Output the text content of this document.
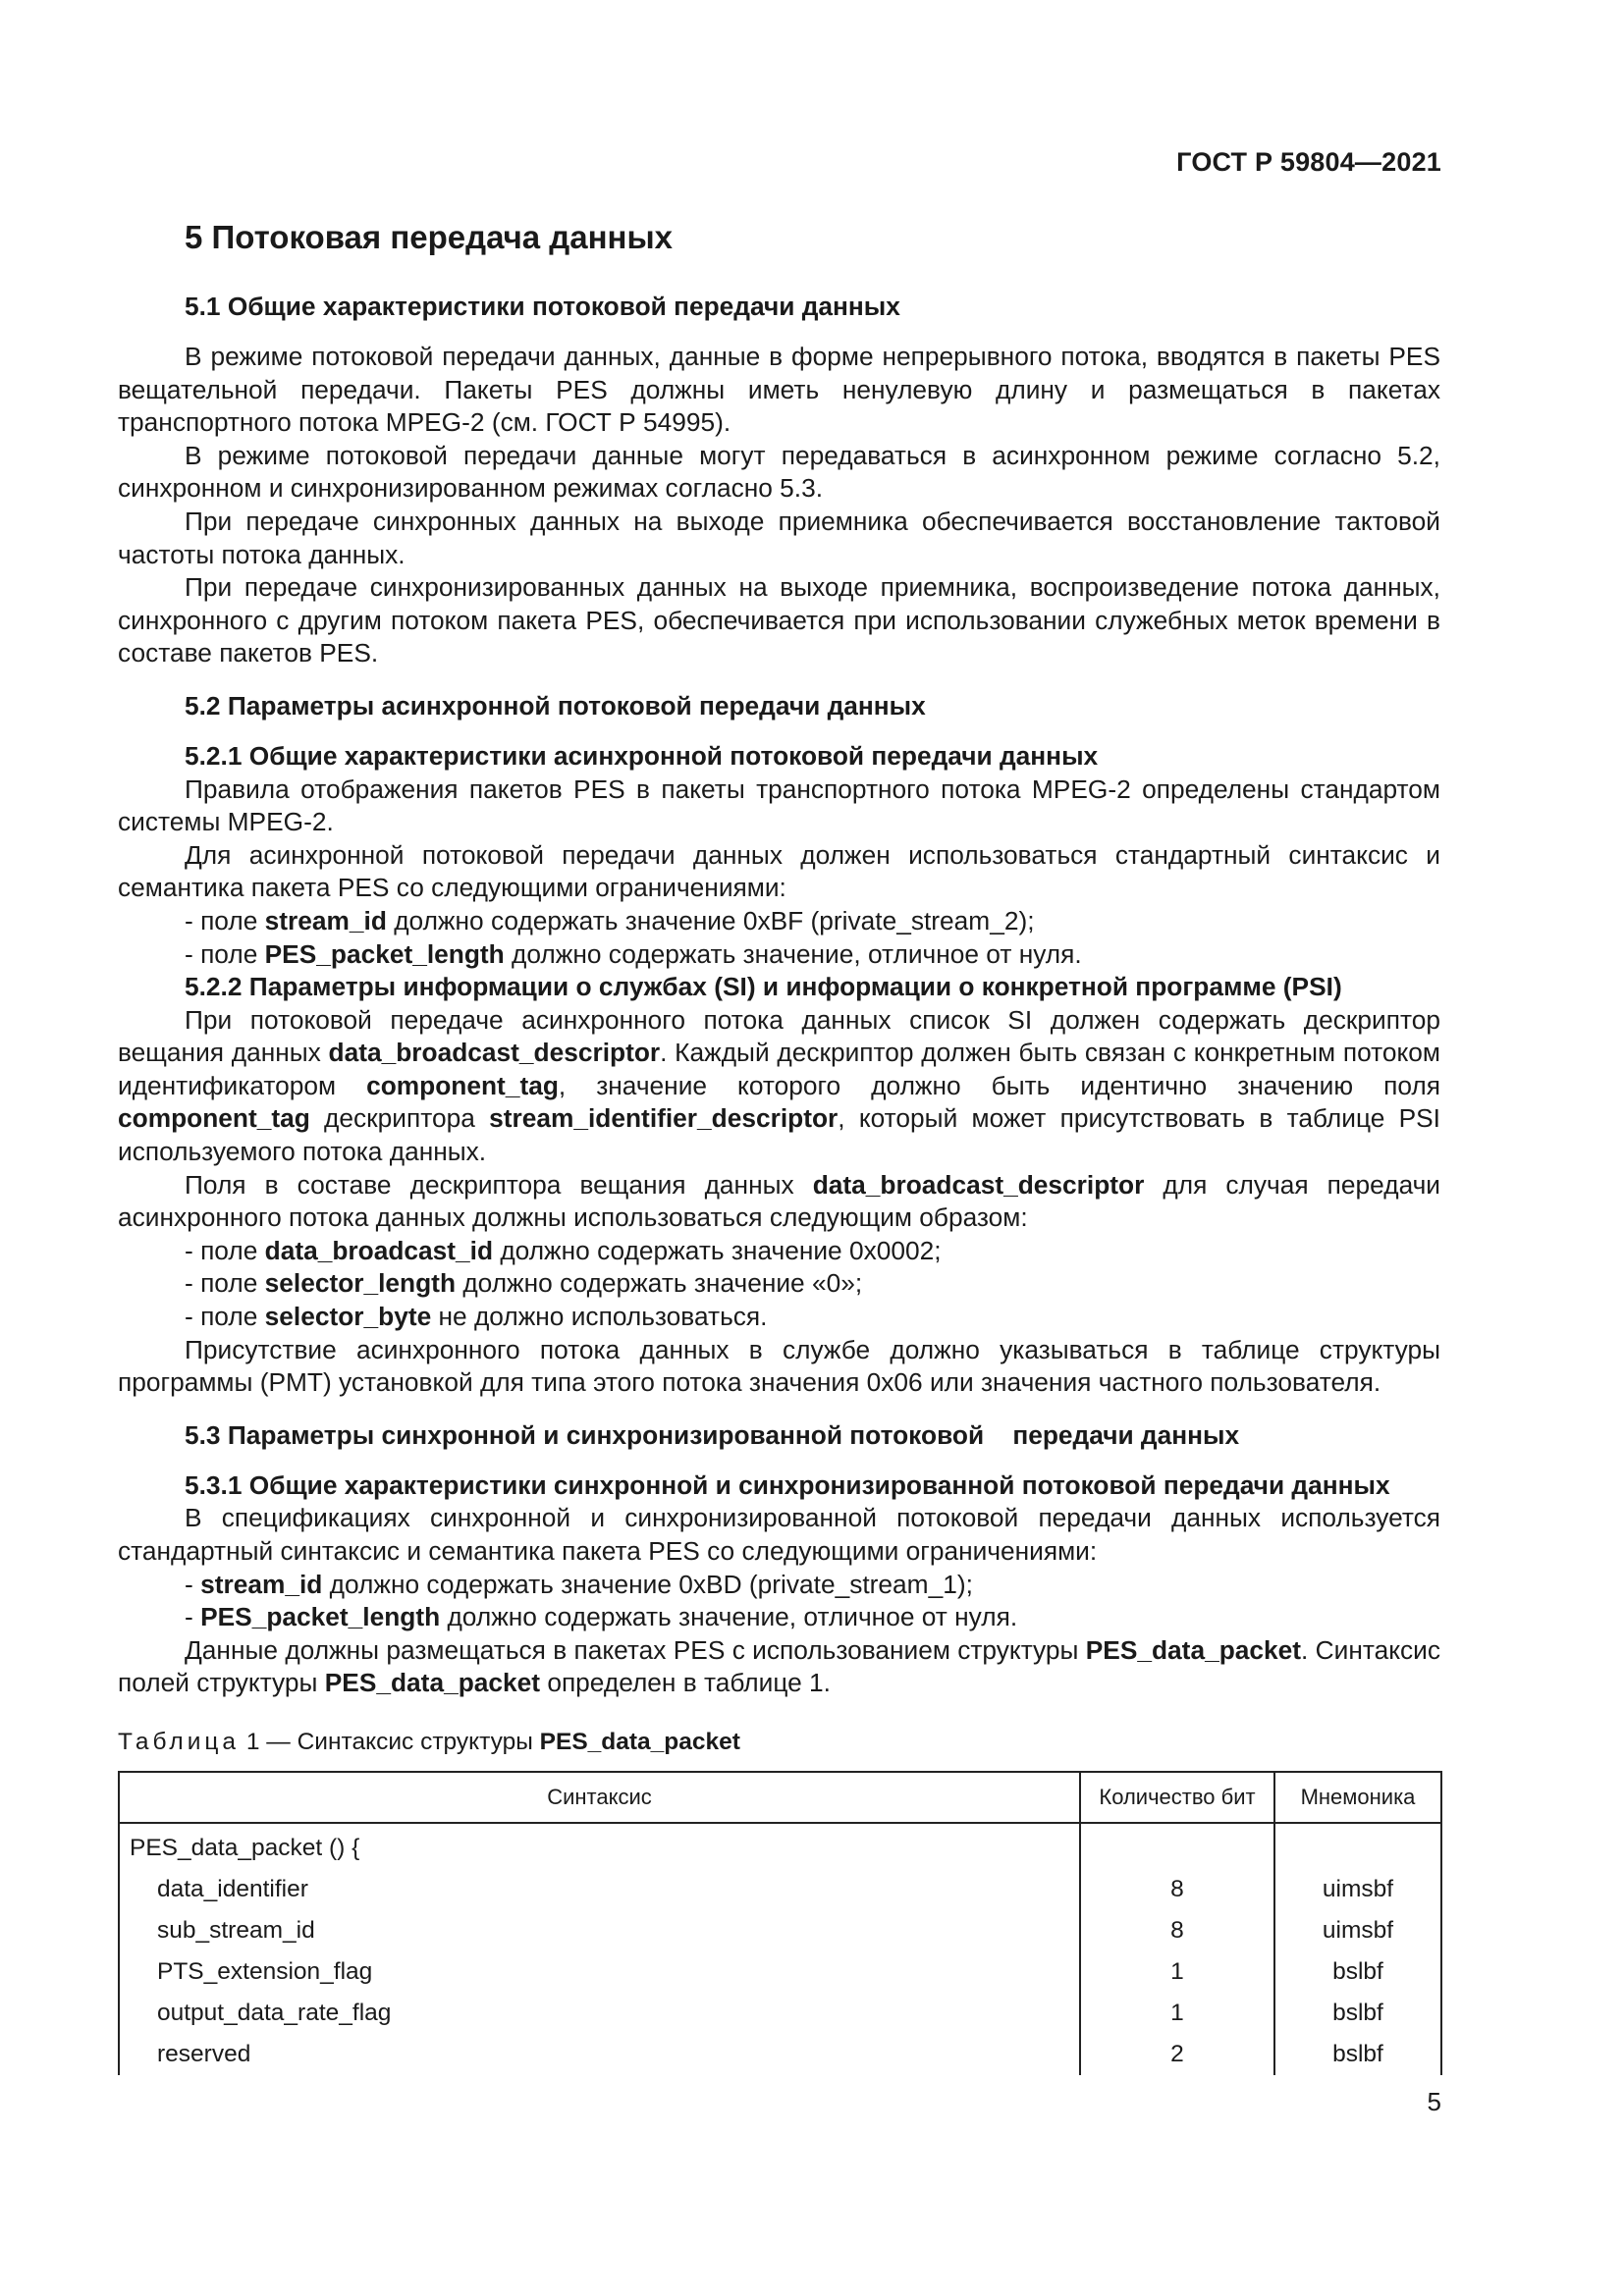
ГОСТ Р 59804—2021
5 Потоковая передача данных
5.1 Общие характеристики потоковой передачи данных

В режиме потоковой передачи данных, данные в форме непрерывного потока, вводятся в пакеты PES вещательной передачи. Пакеты PES должны иметь ненулевую длину и размещаться в пакетах транспортного потока MPEG-2 (см. ГОСТ Р 54995).

В режиме потоковой передачи данные могут передаваться в асинхронном режиме согласно 5.2, синхронном и синхронизированном режимах согласно 5.3.

При передаче синхронных данных на выходе приемника обеспечивается восстановление тактовой частоты потока данных.

При передаче синхронизированных данных на выходе приемника, воспроизведение потока данных, синхронного с другим потоком пакета PES, обеспечивается при использовании служебных меток времени в составе пакетов PES.

5.2 Параметры асинхронной потоковой передачи данных
5.2.1 Общие характеристики асинхронной потоковой передачи данных

Правила отображения пакетов PES в пакеты транспортного потока MPEG-2 определены стандартом системы MPEG-2.

Для асинхронной потоковой передачи данных должен использоваться стандартный синтаксис и семантика пакета PES со следующими ограничениями:

- поле stream_id должно содержать значение 0xBF (private_stream_2);
- поле PES_packet_length должно содержать значение, отличное от нуля.
5.2.2 Параметры информации о службах (SI) и информации о конкретной программе (PSI)

При потоковой передаче асинхронного потока данных список SI должен содержать дескриптор вещания данных data_broadcast_descriptor. Каждый дескриптор должен быть связан с конкретным потоком идентификатором component_tag, значение которого должно быть идентично значению поля component_tag дескриптора stream_identifier_descriptor, который может присутствовать в таблице PSI используемого потока данных.

Поля в составе дескриптора вещания данных data_broadcast_descriptor для случая передачи асинхронного потока данных должны использоваться следующим образом:

- поле data_broadcast_id должно содержать значение 0x0002;
- поле selector_length должно содержать значение «0»;
- поле selector_byte не должно использоваться.

Присутствие асинхронного потока данных в службе должно указываться в таблице структуры программы (PMT) установкой для типа этого потока значения 0x06 или значения частного пользователя.

5.3 Параметры синхронной и синхронизированной потоковой    передачи данных
5.3.1 Общие характеристики синхронной и синхронизированной потоковой передачи данных

В спецификациях синхронной и синхронизированной потоковой передачи данных используется стандартный синтаксис и семантика пакета PES со следующими ограничениями:

- stream_id должно содержать значение 0xBD (private_stream_1);
- PES_packet_length должно содержать значение, отличное от нуля.

Данные должны размещаться в пакетах PES с использованием структуры PES_data_packet. Синтаксис полей структуры PES_data_packet определен в таблице 1.

Таблица 1 — Синтаксис структуры PES_data_packet
Синтаксис	Количество бит	Мнемоника
PES_data_packet () {		
data_identifier	8	uimsbf
sub_stream_id	8	uimsbf
PTS_extension_flag	1	bslbf
output_data_rate_flag	1	bslbf
reserved	2	bslbf
5
